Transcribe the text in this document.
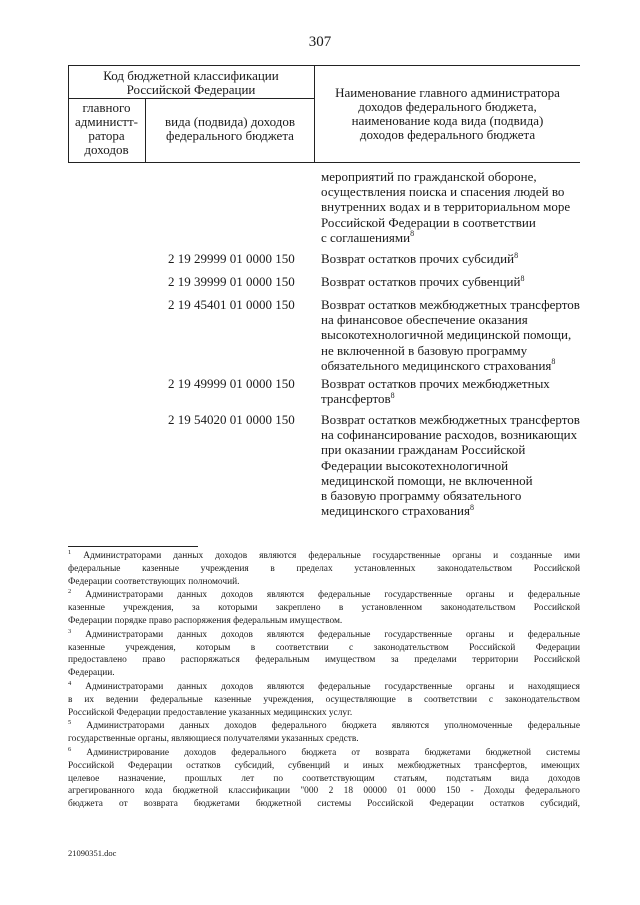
307
Код бюджетной классификации
Российской Федерации
главного
администт-
ратора
доходов
вида (подвида) доходов
федерального бюджета
Наименование главного администратора
доходов федерального бюджета,
наименование кода вида (подвида)
доходов федерального бюджета
мероприятий по гражданской обороне,
осуществления поиска и спасения людей во
внутренних водах и в территориальном море
Российской Федерации в соответствии
с соглашениями 8
2 19 29999 01 0000 150 Возврат остатков прочих субсидий 8
2 19 39999 01 0000 150 Возврат остатков прочих субвенций 8
2 19 45401 01 0000 150 Возврат остатков межбюджетных трансфертов
на финансовое обеспечение оказания
высокотехнологичной медицинской помощи,
не включенной в базовую программу
обязательного медицинского страхования 8
2 19 49999 01 0000 150 Возврат остатков прочих межбюджетных
трансфертов 8
2 19 54020 01 0000 150 Возврат остатков межбюджетных трансфертов
на софинансирование расходов, возникающих
при оказании гражданам Российской
Федерации высокотехнологичной
медицинской помощи, не включенной
в базовую программу обязательного
медицинского страхования 8
$^1$ Администраторами данных доходов являются федеральные государственные органы и созданные ими
федеральные казенные учреждения в пределах установленных законодательством Российской
Федерации соответствующих полномочий.
$^2$ Администраторами данных доходов являются федеральные государственные органы и федеральные
казенные учреждения, за которыми закреплено в установленном законодательством Российской
Федерации порядке право распоряжения федеральным имуществом.
$^3$ Администраторами данных доходов являются федеральные государственные органы и федеральные
казенные учреждения, которым в соответствии с законодательством Российской Федерации
предоставлено право распоряжаться федеральным имуществом за пределами территории Российской
Федерации.
$^4$ Администраторами данных доходов являются федеральные государственные органы и находящиеся
в их ведении федеральные казенные учреждения, осуществляющие в соответствии с законодательством
Российской Федерации предоставление указанных медицинских услуг.
$^5$ Администраторами данных доходов федерального бюджета являются уполномоченные федеральные
государственные органы, являющиеся получателями указанных средств.
$^6$ Администрирование доходов федерального бюджета от возврата бюджетами бюджетной системы
Российской Федерации остатков субсидий, субвенций и иных межбюджетных трансфертов, имеющих
целевое назначение, прошлых лет по соответствующим статьям, подстатьям вида доходов
агрегированного кода бюджетной классификации "000 2 18 00000 01 0000 150 - Доходы федерального
бюджета от возврата бюджетами бюджетной системы Российской Федерации остатков субсидий,
21090351.doc
